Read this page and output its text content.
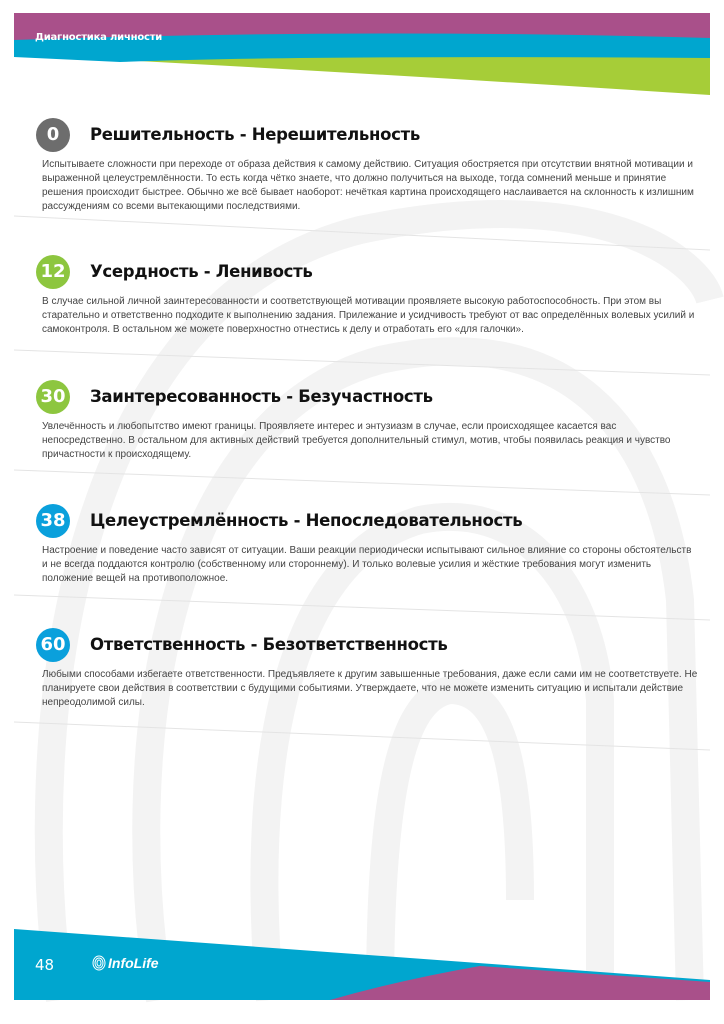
Диагностика личности
0	Решительность - Нерешительность
Испытываете сложности при переходе от образа действия к самому действию. Ситуация обостряется при отсутствии внятной мотивации и выраженной целеустремлённости. То есть когда чётко знаете, что должно получиться на выходе, тогда сомнений меньше и принятие решения происходит быстрее. Обычно же всё бывает наоборот: нечёткая картина происходящего наслаивается на склонность к излишним рассуждениям со всеми вытекающими последствиями.
12 Усердность - Ленивость
В случае сильной личной заинтересованности и соответствующей мотивации проявляете высокую работоспособность. При этом вы старательно и ответственно подходите к выполнению задания. Прилежание и усидчивость требуют от вас определённых волевых усилий и самоконтроля. В остальном же можете поверхностно отнестись к делу и отработать его «для галочки».
30 Заинтересованность - Безучастность
Увлечённость и любопытство имеют границы. Проявляете интерес и энтузиазм в случае, если происходящее касается вас непосредственно. В остальном для активных действий требуется дополнительный стимул, мотив, чтобы появилась реакция и чувство причастности к происходящему.
38 Целеустремлённость - Непоследовательность
Настроение и поведение часто зависят от ситуации. Ваши реакции периодически испытывают сильное влияние со стороны обстоятельств и не всегда поддаются контролю (собственному или стороннему). И только волевые усилия и жёсткие требования могут изменить положение вещей на противоположное.
60 Ответственность - Безответственность
Любыми способами избегаете ответственности. Предъявляете к другим завышенные требования, даже если сами им не соответствуете. Не планируете свои действия в соответствии с будущими событиями. Утверждаете, что не можете изменить ситуацию и испытали действие непреодолимой силы.
48	InfoLife
